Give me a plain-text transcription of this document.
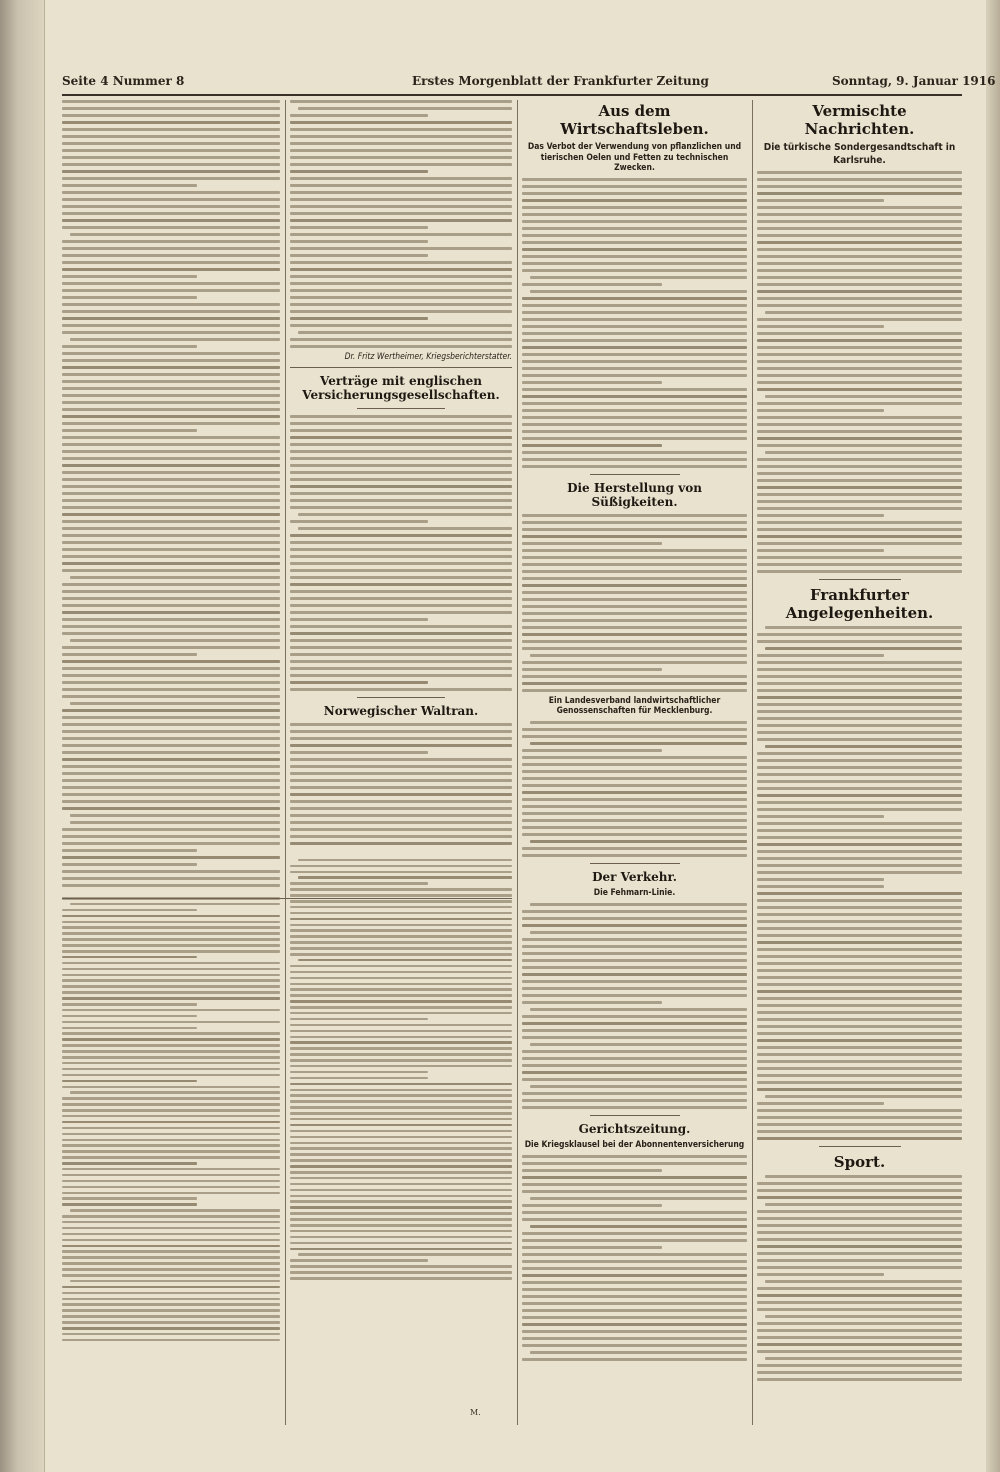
Seite 4 Nummer 8	Erstes Morgenblatt der Frankfurter Zeitung	Sonntag, 9. Januar 1916
Dr. Fritz Wertheimer, Kriegsberichterstatter.
Verträge mit englischen Versicherungsgesellschaften.
Norwegischer Waltran.
Aus dem Wirtschaftsleben.
Das Verbot der Verwendung von pflanzlichen und tierischen Oelen und Fetten zu technischen Zwecken.
Die Herstellung von Süßigkeiten.
Ein Landesverband landwirtschaftlicher Genossenschaften für Mecklenburg.
Der Verkehr.
Die Fehmarn-Linie.
Gerichtszeitung.
Die Kriegsklausel bei der Abonnentenversicherung
Vermischte Nachrichten.
Die türkische Sondergesandtschaft in Karlsruhe.
Frankfurter Angelegenheiten.
Sport.
M.
